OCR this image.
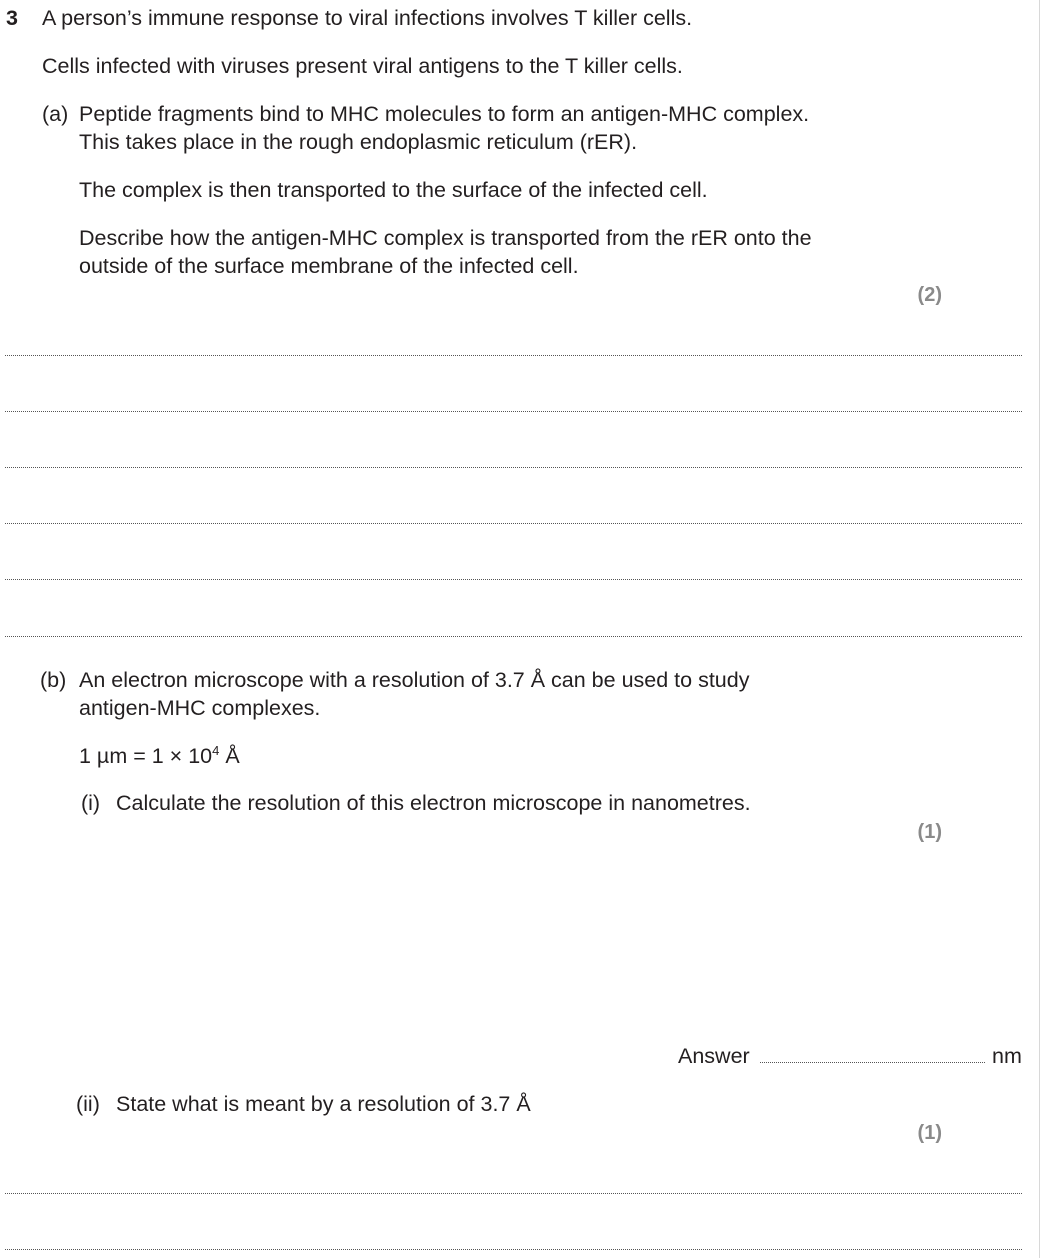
3 A person’s immune response to viral infections involves T killer cells.
Cells infected with viruses present viral antigens to the T killer cells.
(a) Peptide fragments bind to MHC molecules to form an antigen-MHC complex.
This takes place in the rough endoplasmic reticulum (rER).
The complex is then transported to the surface of the infected cell.
Describe how the antigen-MHC complex is transported from the rER onto the
outside of the surface membrane of the infected cell.
(2)
(b) An electron microscope with a resolution of 3.7 Å can be used to study
antigen-MHC complexes.
1 $\mu m = 1 \times 10^4$ Å
(i) Calculate the resolution of this electron microscope in nanometres.
(1)
Answer	nm
(ii) State what is meant by a resolution of 3.7 Å
(1)
